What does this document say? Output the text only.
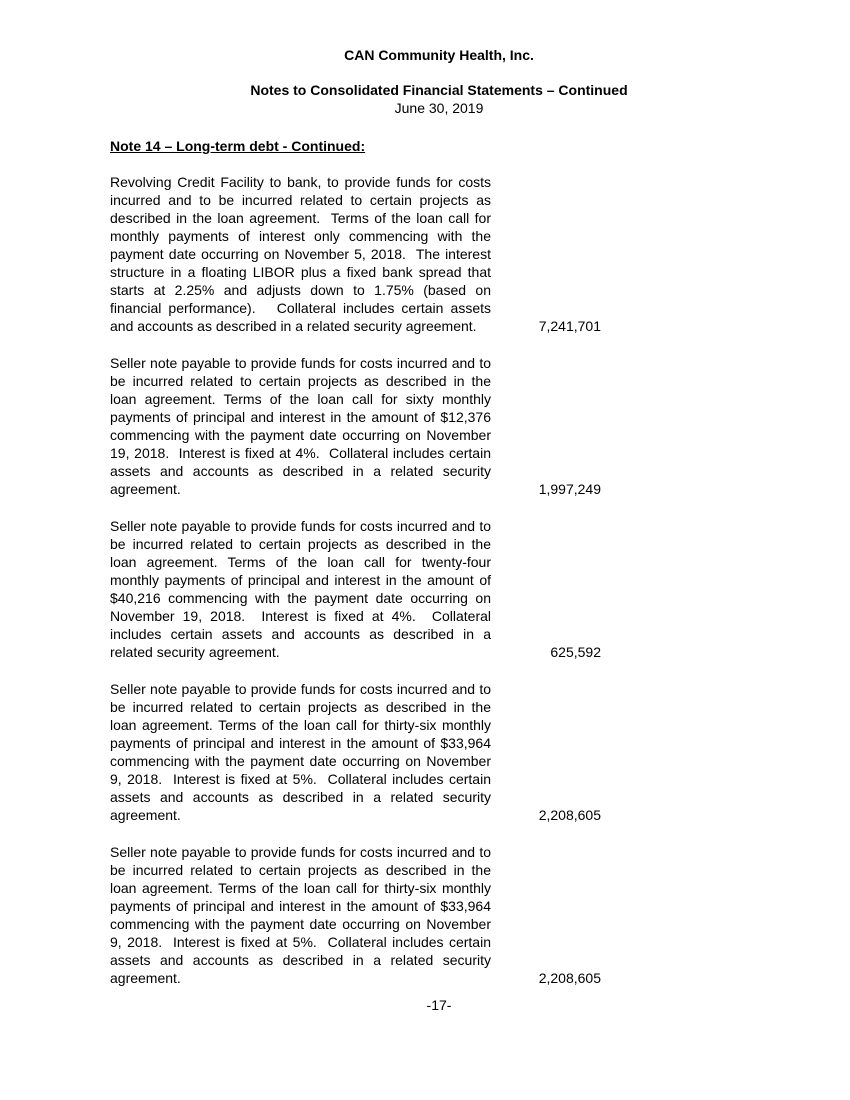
CAN Community Health, Inc.
Notes to Consolidated Financial Statements – Continued
June 30, 2019
Note 14 – Long-term debt - Continued:
Revolving Credit Facility to bank, to provide funds for costs incurred and to be incurred related to certain projects as described in the loan agreement.  Terms of the loan call for monthly payments of interest only commencing with the payment date occurring on November 5, 2018.  The interest structure in a floating LIBOR plus a fixed bank spread that starts at 2.25% and adjusts down to 1.75% (based on financial performance).   Collateral includes certain assets and accounts as described in a related security agreement.	7,241,701
Seller note payable to provide funds for costs incurred and to be incurred related to certain projects as described in the loan agreement. Terms of the loan call for sixty monthly payments of principal and interest in the amount of $12,376 commencing with the payment date occurring on November 19, 2018.  Interest is fixed at 4%.  Collateral includes certain assets and accounts as described in a related security agreement.	1,997,249
Seller note payable to provide funds for costs incurred and to be incurred related to certain projects as described in the loan agreement. Terms of the loan call for twenty-four monthly payments of principal and interest in the amount of $40,216 commencing with the payment date occurring on November 19, 2018.  Interest is fixed at 4%.  Collateral includes certain assets and accounts as described in a related security agreement.	625,592
Seller note payable to provide funds for costs incurred and to be incurred related to certain projects as described in the loan agreement. Terms of the loan call for thirty-six monthly payments of principal and interest in the amount of $33,964 commencing with the payment date occurring on November 9, 2018.  Interest is fixed at 5%.  Collateral includes certain assets and accounts as described in a related security agreement.	2,208,605
Seller note payable to provide funds for costs incurred and to be incurred related to certain projects as described in the loan agreement. Terms of the loan call for thirty-six monthly payments of principal and interest in the amount of $33,964 commencing with the payment date occurring on November 9, 2018.  Interest is fixed at 5%.  Collateral includes certain assets and accounts as described in a related security agreement.	2,208,605
-17-
